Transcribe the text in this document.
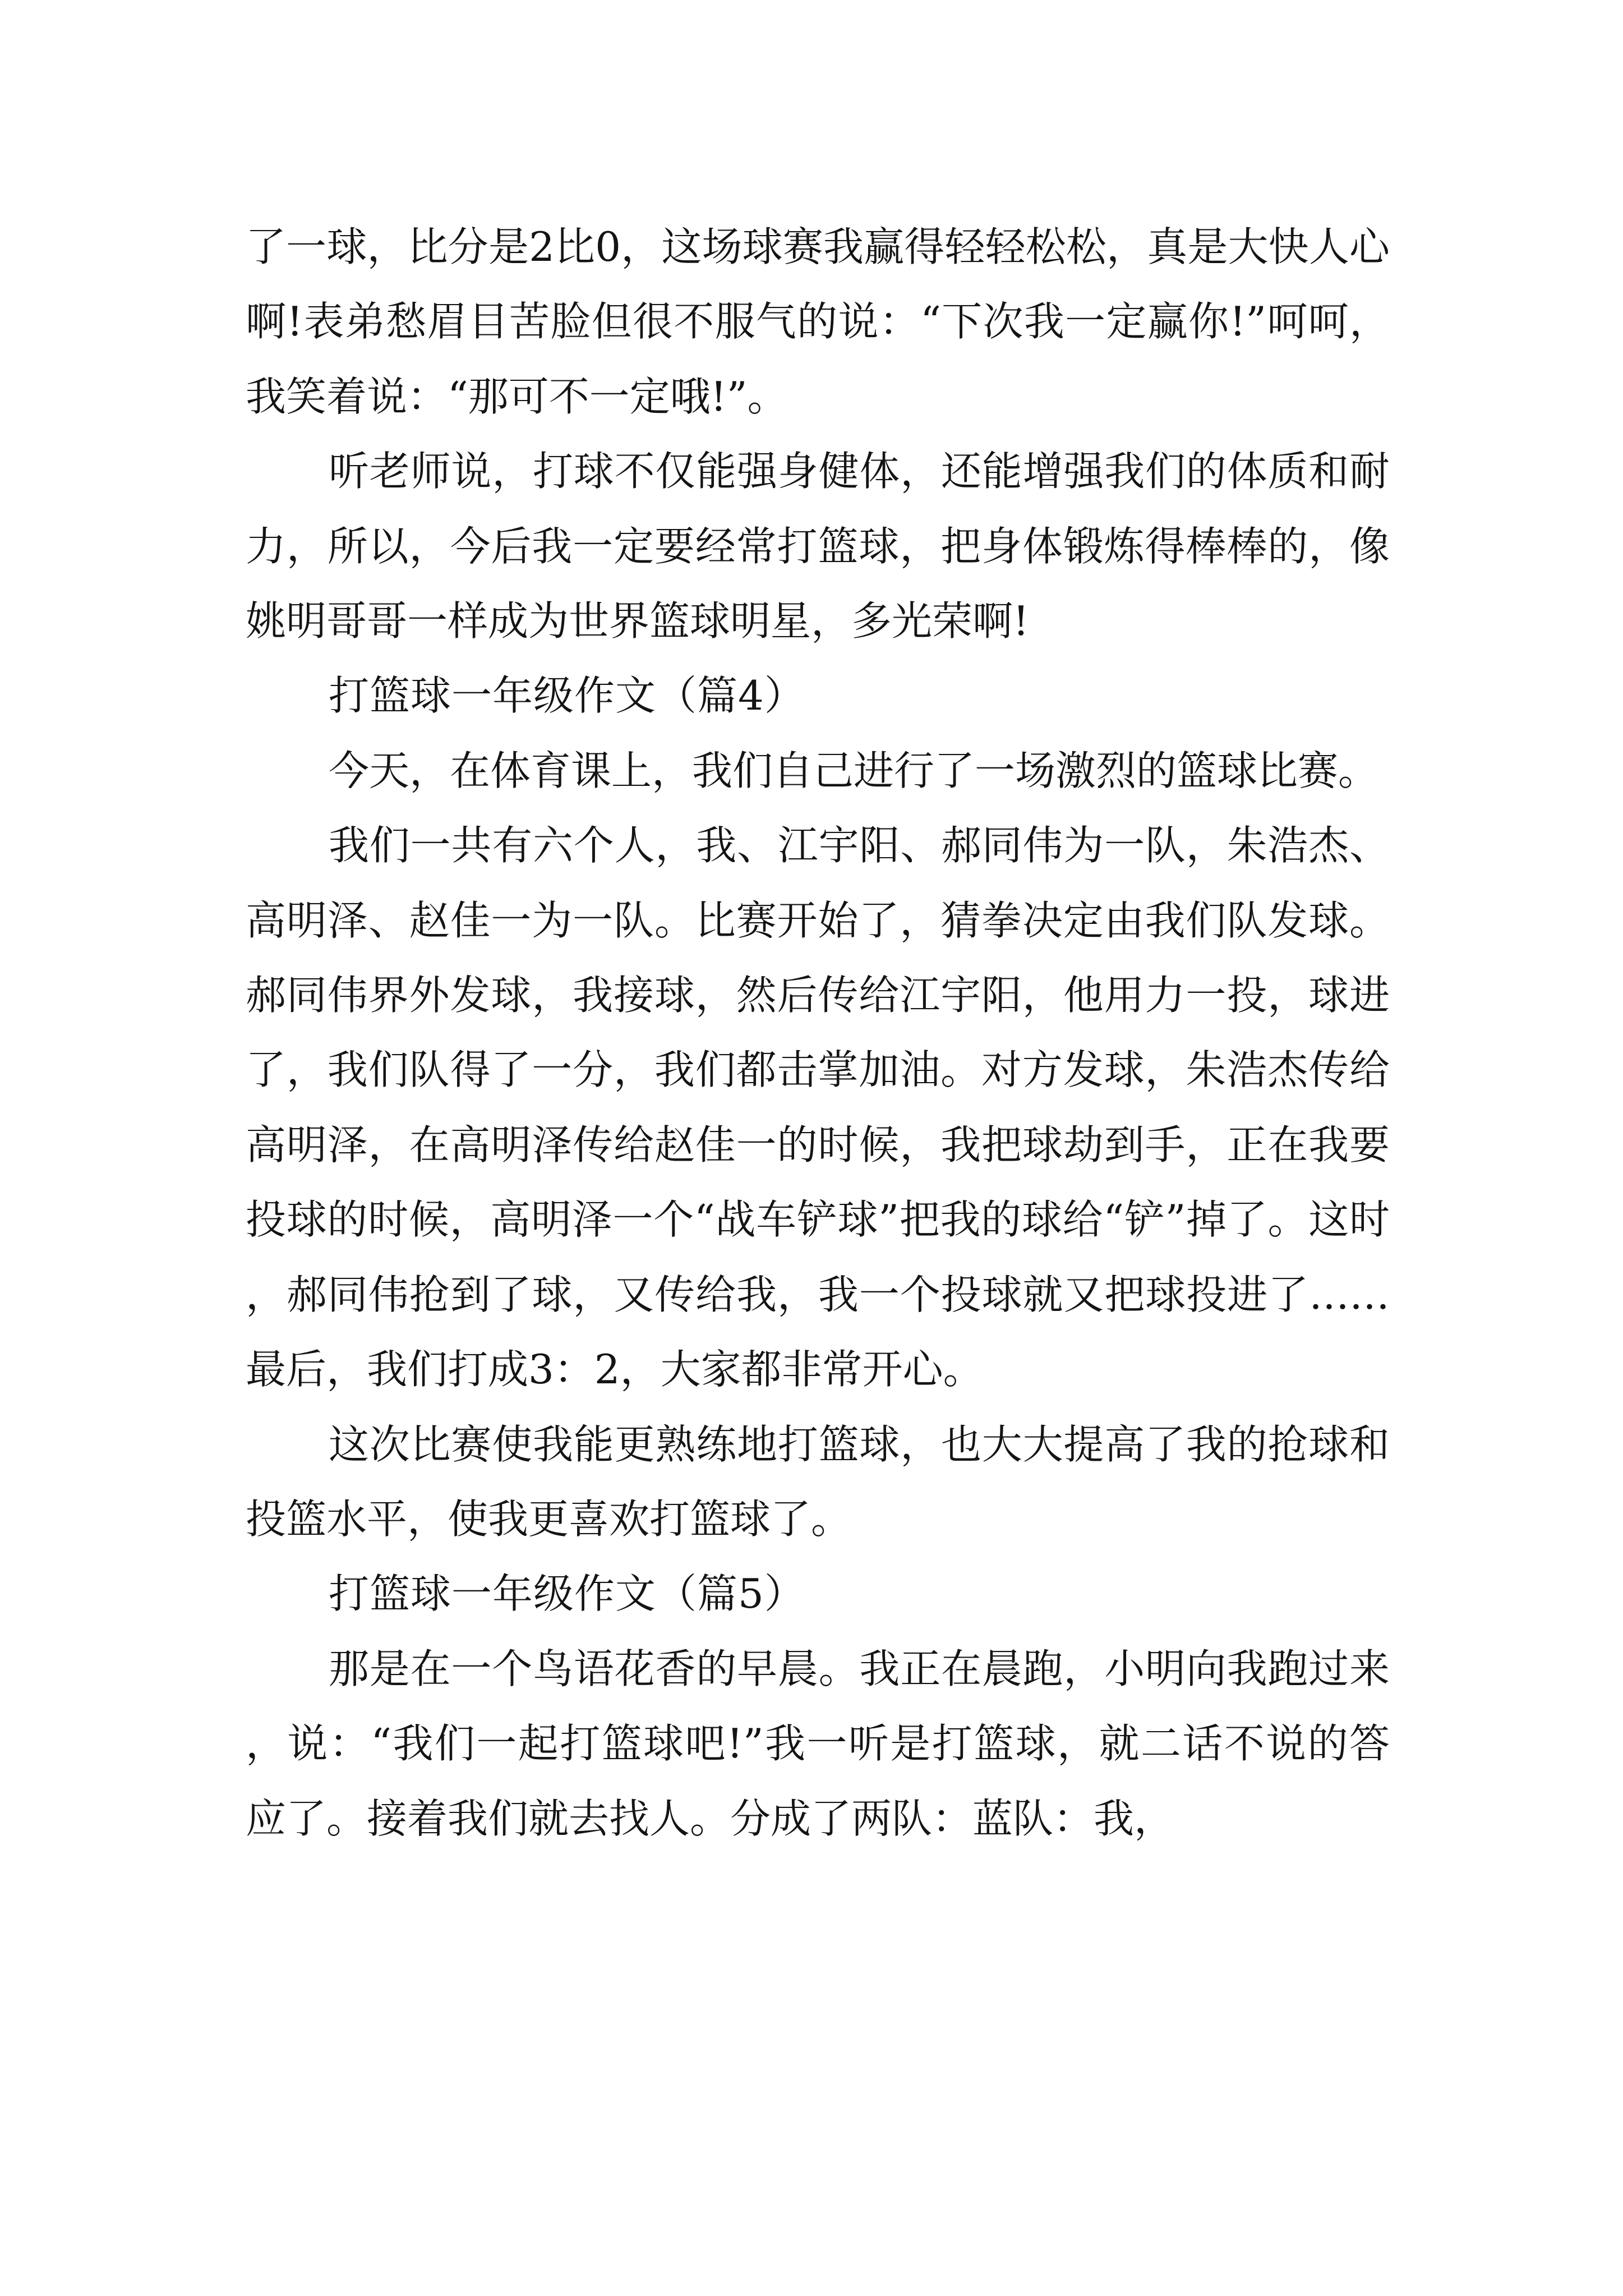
了一球，比分是2比0，这场球赛我赢得轻轻松松，真是大快人心啊!表弟愁眉目苦脸但很不服气的说：“下次我一定赢你!”呵呵，我笑着说：“那可不一定哦!”。

听老师说，打球不仅能强身健体，还能增强我们的体质和耐力，所以，今后我一定要经常打篮球，把身体锻炼得棒棒的，像姚明哥哥一样成为世界篮球明星，多光荣啊!

打篮球一年级作文（篇4）

今天，在体育课上，我们自己进行了一场激烈的篮球比赛。

我们一共有六个人，我、江宇阳、郝同伟为一队，朱浩杰、高明泽、赵佳一为一队。比赛开始了，猜拳决定由我们队发球。郝同伟界外发球，我接球，然后传给江宇阳，他用力一投，球进了，我们队得了一分，我们都击掌加油。对方发球，朱浩杰传给高明泽，在高明泽传给赵佳一的时候，我把球劫到手，正在我要投球的时候，高明泽一个“战车铲球”把我的球给“铲”掉了。这时，郝同伟抢到了球，又传给我，我一个投球就又把球投进了……最后，我们打成3：2，大家都非常开心。

这次比赛使我能更熟练地打篮球，也大大提高了我的抢球和投篮水平，使我更喜欢打篮球了。

打篮球一年级作文（篇5）

那是在一个鸟语花香的早晨。我正在晨跑，小明向我跑过来，说：“我们一起打篮球吧!”我一听是打篮球，就二话不说的答应了。接着我们就去找人。分成了两队：蓝队：我，
